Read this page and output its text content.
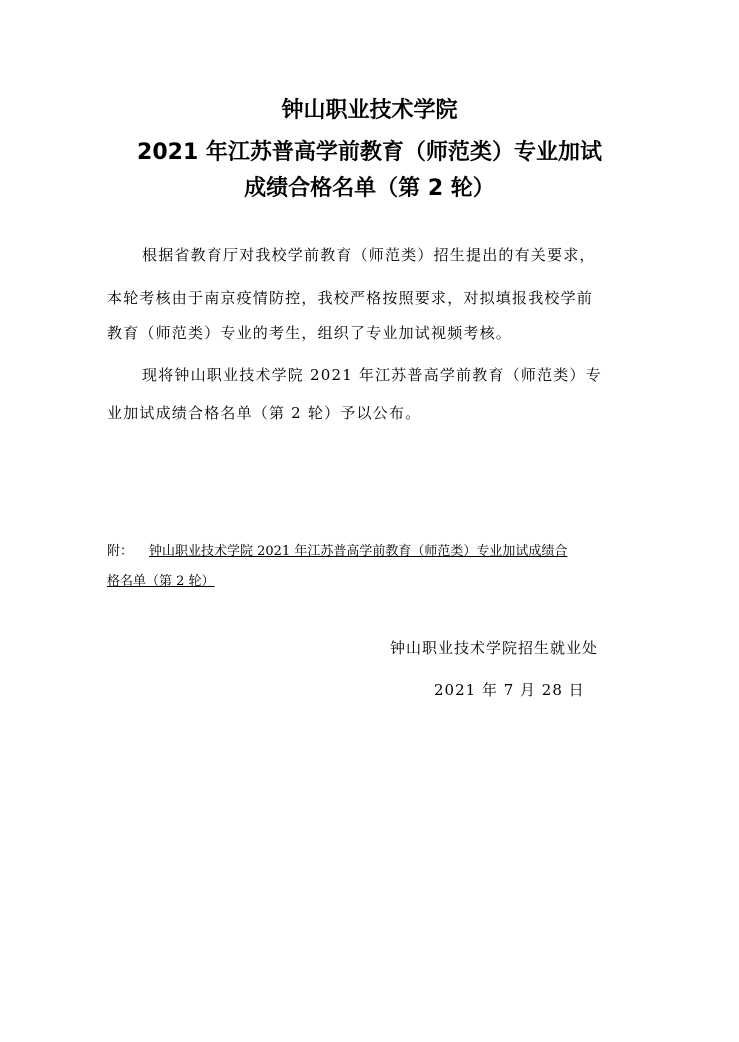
钟山职业技术学院
2021 年江苏普高学前教育（师范类）专业加试
成绩合格名单（第 2 轮）
根据省教育厅对我校学前教育（师范类）招生提出的有关要求，
本轮考核由于南京疫情防控，我校严格按照要求，对拟填报我校学前
教育（师范类）专业的考生，组织了专业加试视频考核。
现将钟山职业技术学院 2021 年江苏普高学前教育（师范类）专
业加试成绩合格名单（第 2 轮）予以公布。
附： 钟山职业技术学院 2021 年江苏普高学前教育（师范类）专业加试成绩合
格名单（第 2 轮）
钟山职业技术学院招生就业处
2021 年 7 月 28 日
